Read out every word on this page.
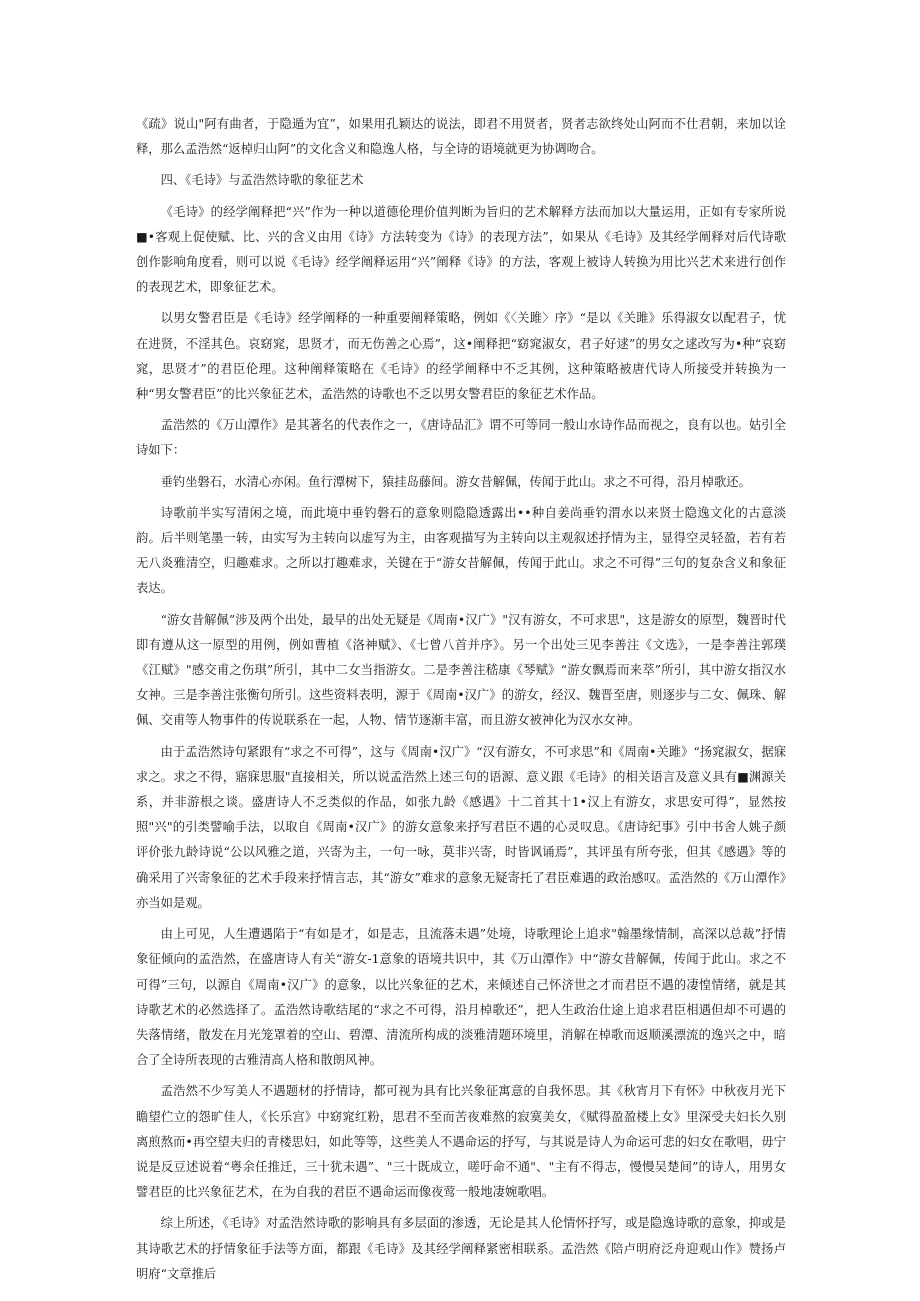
《疏》说山"阿有曲者，于隐遁为宜”，如果用孔颖达的说法，即君不用贤者，贤者志欲终处山阿而不仕君朝，来加以诠释，那么孟浩然“返棹归山阿”的文化含义和隐逸人格，与全诗的语境就更为协调吻合。

四、《毛诗》与孟浩然诗歌的象征艺术

《毛诗》的经学阐释把“兴”作为一种以道德伦理价值判断为旨归的艺术解释方法而加以大量运用，正如有专家所说■•客观上促使赋、比、兴的含义由用《诗》方法转变为《诗》的表现方法”，如果从《毛诗》及其经学阐释对后代诗歌创作影响角度看，则可以说《毛诗》经学阐释运用“兴”阐释《诗》的方法，客观上被诗人转换为用比兴艺术来进行创作的表现艺术，即象征艺术。

以男女警君臣是《毛诗》经学阐释的一种重要阐释策略，例如《〈关雎〉序》“是以《关雎》乐得淑女以配君子，忧在进贤，不淫其色。哀窈窕，思贤才，而无伤善之心焉”，这•阐释把“窈窕淑女，君子好逑”的男女之逑改写为•种“哀窈窕，思贤才”的君臣伦理。这种阐释策略在《毛诗》的经学阐释中不乏其例，这种策略被唐代诗人所接受并转换为一种“男女警君臣”的比兴象征艺术，孟浩然的诗歌也不乏以男女警君臣的象征艺术作品。

孟浩然的《万山潭作》是其著名的代表作之一，《唐诗品汇》谓不可等同一般山水诗作品而视之，良有以也。姑引全诗如下：

垂钓坐磐石，水清心亦闲。鱼行潭树下，猿挂岛藤间。游女昔解佩，传闻于此山。求之不可得，沿月棹歌还。

诗歌前半实写清闲之境，而此境中垂钓磐石的意象则隐隐透露出••种自姜尚垂钓渭水以来贤士隐逸文化的古意淡韵。后半则笔墨一转，由实写为主转向以虚写为主，由客观描写为主转向以主观叙述抒情为主，显得空灵轻盈，若有若无八炎雅清空，归趣难求。之所以打趣难求，关键在于“游女昔解佩，传闻于此山。求之不可得”三句的复杂含义和象征表达。

“游女昔解佩”涉及两个出处，最早的出处无疑是《周南•汉广》"汉有游女，不可求思"，这是游女的原型，魏晋时代即有遵从这一原型的用例，例如曹植《洛神赋》、《七曾八首并序》。另一个出处三见李善注《文选》，一是李善注郭璞《江赋》"感交甫之伤琪”所引，其中二女当指游女。二是李善注嵇康《琴赋》“游女飘焉而来萃”所引，其中游女指汉水女神。三是李善注张衡句所引。这些资料表明，源于《周南•汉广》的游女，经汉、魏晋至唐，则逐步与二女、佩珠、解佩、交甫等人物事件的传说联系在一起，人物、情节逐渐丰富，而且游女被神化为汉水女神。

由于孟浩然诗句紧跟有“求之不可得”，这与《周南•汉广》“汉有游女，不可求思”和《周南•关雎》“扬窕淑女，据寐求之。求之不得，寤寐思服"直接相关，所以说孟浩然上述三句的语源、意义跟《毛诗》的相关语言及意义具有■渊源关系，并非游根之谈。盛唐诗人不乏类似的作品，如张九龄《感遇》十二首其十1•汉上有游女，求思安可得”，显然按照"兴"的引类譬喻手法，以取自《周南•汉广》的游女意象来抒写君臣不遇的心灵叹息。《唐诗纪事》引中书舍人姚子颜评价张九龄诗说“公以风雅之道，兴寄为主，一句一咏，莫非兴寄，时皆讽诵焉”，其评虽有所夸张，但其《感遇》等的确采用了兴寄象征的艺术手段来抒情言志，其“游女”难求的意象无疑寄托了君臣难遇的政治感叹。孟浩然的《万山潭作》亦当如是观。

由上可见，人生遭遇陷于“有如是才，如是志，且流落未遇”处境，诗歌理论上追求"翰墨缘情制，高深以总裁”抒情象征倾向的孟浩然，在盛唐诗人有关“游女-1意象的语境共识中，其《万山潭作》中“游女昔解佩，传闻于此山。求之不可得”三句，以源自《周南•汉广》的意象，以比兴象征的艺术，来倾述自己怀济世之才而君臣不遇的凄惶情绪，就是其诗歌艺术的必然选择了。孟浩然诗歌结尾的“求之不可得，沿月棹歌还”，把人生政治仕途上追求君臣相遇但却不可遇的失落情绪，散发在月光笼罩着的空山、碧潭、清流所构成的淡雅清题环境里，消解在棹歌而返顺溪漂流的逸兴之中，暗合了全诗所表现的古雅清高人格和散朗风神。

孟浩然不少写美人不遇题材的抒情诗，都可视为具有比兴象征寓意的自我怀思。其《秋宵月下有怀》中秋夜月光下瞻望伫立的怨旷佳人，《长乐宫》中窈窕红粉，思君不至而苦夜难熬的寂寞美女，《赋得盈盈楼上女》里深受夫妇长久别离煎熬而•再空望夫归的青楼思妇，如此等等，这些美人不遇命运的抒写，与其说是诗人为命运可悲的妇女在歌唱，毋宁说是反豆述说着“粤余任推迁，三十犹未遇”、"三十既成立，嗟吁命不通"、"主有不得志，慢慢吴楚间”的诗人，用男女譬君臣的比兴象征艺术，在为自我的君臣不遇命运而像夜莺一般地凄婉歌唱。

综上所述，《毛诗》对孟浩然诗歌的影响具有多层面的渗透，无论是其人伦情怀抒写，或是隐逸诗歌的意象，抑或是其诗歌艺术的抒情象征手法等方面，都跟《毛诗》及其经学阐释紧密相联系。孟浩然《陪卢明府泛舟迎观山作》赞扬卢明府“文章推后
